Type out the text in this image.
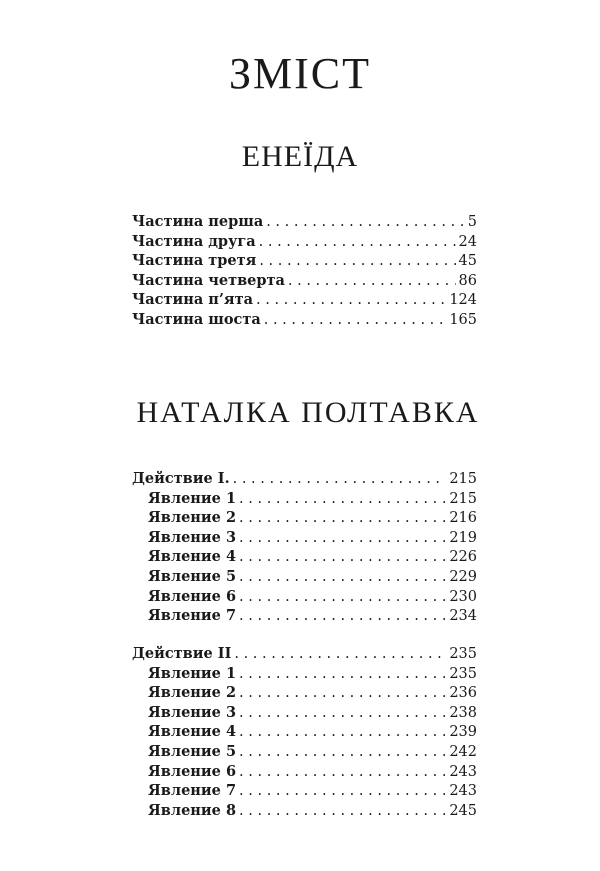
ЗМІСТ
ЕНЕЇДА
Частина перша . . .	5
Частина друга . . .	24
Частина третя . . .	45
Частина четверта . . .	86
Частина п’ята . . .	124
Частина шоста . . .	165
НАТАЛКА ПОЛТАВКА
Действие I. . . .	215
Явление 1 . . .	215
Явление 2 . . .	216
Явление 3 . . .	219
Явление 4 . . .	226
Явление 5 . . .	229
Явление 6 . . .	230
Явление 7 . . .	234
Действие II . . .	235
Явление 1 . . .	235
Явление 2 . . .	236
Явление 3 . . .	238
Явление 4 . . .	239
Явление 5 . . .	242
Явление 6 . . .	243
Явление 7 . . .	243
Явление 8 . . .	245
